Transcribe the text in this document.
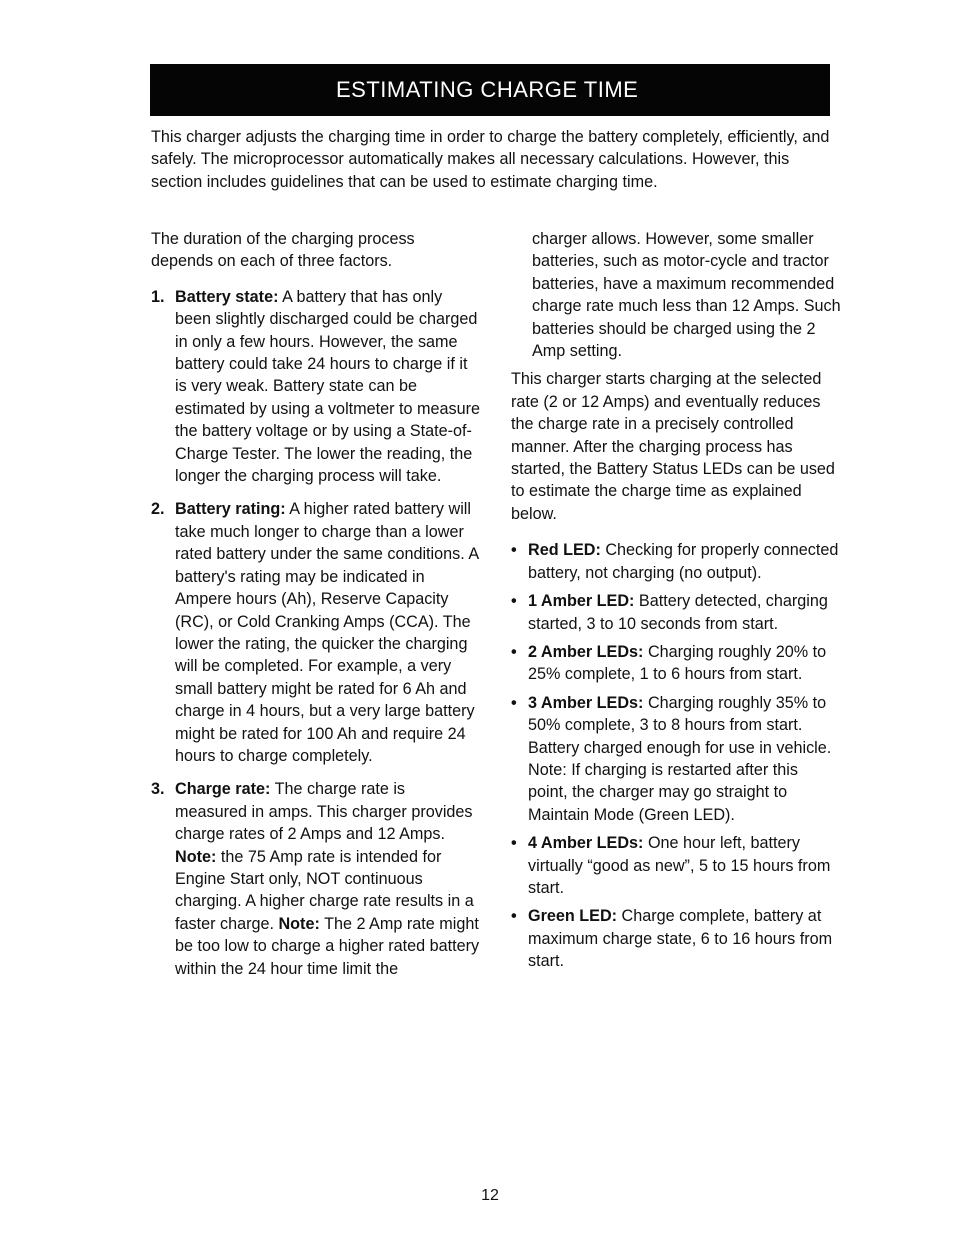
ESTIMATING CHARGE TIME

This charger adjusts the charging time in order to charge the battery completely, efficiently, and safely. The microprocessor automatically makes all necessary calculations. However, this section includes guidelines that can be used to estimate charging time.

The duration of the charging process depends on each of three factors.

1. Battery state: A battery that has only been slightly discharged could be charged in only a few hours. However, the same battery could take 24 hours to charge if it is very weak. Battery state can be estimated by using a voltmeter to measure the battery voltage or by using a State-of-Charge Tester. The lower the reading, the longer the charging process will take.
2. Battery rating: A higher rated battery will take much longer to charge than a lower rated battery under the same conditions. A battery's rating may be indicated in Ampere hours (Ah), Reserve Capacity (RC), or Cold Cranking Amps (CCA). The lower the rating, the quicker the charging will be completed. For example, a very small battery might be rated for 6 Ah and charge in 4 hours, but a very large battery might be rated for 100 Ah and require 24 hours to charge completely.
3. Charge rate: The charge rate is measured in amps. This charger provides charge rates of 2 Amps and 12 Amps. Note: the 75 Amp rate is intended for Engine Start only, NOT continuous charging. A higher charge rate results in a faster charge. Note: The 2 Amp rate might be too low to charge a higher rated battery within the 24 hour time limit the

charger allows. However, some smaller batteries, such as motor-cycle and tractor batteries, have a maximum recommended charge rate much less than 12 Amps. Such batteries should be charged using the 2 Amp setting.

This charger starts charging at the selected rate (2 or 12 Amps) and eventually reduces the charge rate in a precisely controlled manner. After the charging process has started, the Battery Status LEDs can be used to estimate the charge time as explained below.

• Red LED: Checking for properly connected battery, not charging (no output).
• 1 Amber LED: Battery detected, charging started, 3 to 10 seconds from start.
• 2 Amber LEDs: Charging roughly 20% to 25% complete, 1 to 6 hours from start.
• 3 Amber LEDs: Charging roughly 35% to 50% complete, 3 to 8 hours from start. Battery charged enough for use in vehicle. Note: If charging is restarted after this point, the charger may go straight to Maintain Mode (Green LED).
• 4 Amber LEDs: One hour left, battery virtually “good as new”, 5 to 15 hours from start.
• Green LED: Charge complete, battery at maximum charge state, 6 to 16 hours from start.
12
